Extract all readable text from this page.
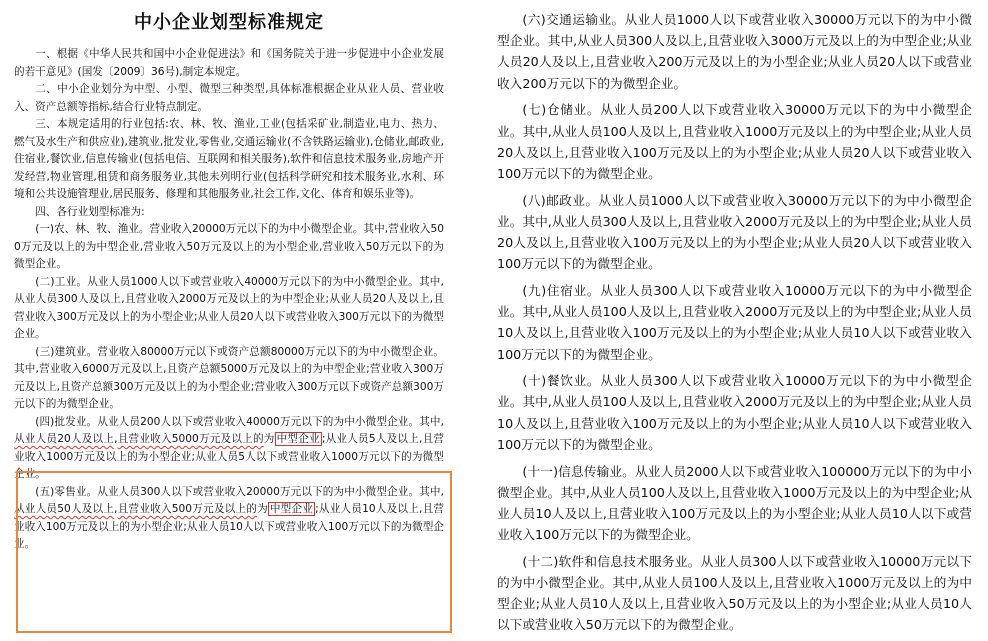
中小企业划型标准规定

一、根据《中华人民共和国中小企业促进法》和《国务院关于进一步促进中小企业发展的若干意见》(国发〔2009〕36号),制定本规定。

二、中小企业划分为中型、小型、微型三种类型,具体标准根据企业从业人员、营业收入、资产总额等指标,结合行业特点制定。

三、本规定适用的行业包括:农、林、牧、渔业,工业(包括采矿业,制造业,电力、热力、燃气及水生产和供应业),建筑业,批发业,零售业,交通运输业(不含铁路运输业),仓储业,邮政业,住宿业,餐饮业,信息传输业(包括电信、互联网和相关服务),软件和信息技术服务业,房地产开发经营,物业管理,租赁和商务服务业,其他未列明行业(包括科学研究和技术服务业,水利、环境和公共设施管理业,居民服务、修理和其他服务业,社会工作,文化、体育和娱乐业等)。

四、各行业划型标准为:

(一)农、林、牧、渔业。营业收入20000万元以下的为中小微型企业。其中,营业收入500万元及以上的为中型企业,营业收入50万元及以上的为小型企业,营业收入50万元以下的为微型企业。

(二)工业。从业人员1000人以下或营业收入40000万元以下的为中小微型企业。其中,从业人员300人及以上,且营业收入2000万元及以上的为中型企业;从业人员20人及以上,且营业收入300万元及以上的为小型企业;从业人员20人以下或营业收入300万元以下的为微型企业。

(三)建筑业。营业收入80000万元以下或资产总额80000万元以下的为中小微型企业。其中,营业收入6000万元及以上,且资产总额5000万元及以上的为中型企业;营业收入300万元及以上,且资产总额300万元及以上的为小型企业;营业收入300万元以下或资产总额300万元以下的为微型企业。

(四)批发业。从业人员200人以下或营业收入40000万元以下的为中小微型企业。其中,从业人员20人及以上,且营业收入5000万元及以上的为 中型企业 ;从业人员5人及以上,且营业收入1000万元及以上的为小型企业;从业人员5人以下或营业收入1000万元以下的为微型企业。

(五)零售业。从业人员300人以下或营业收入20000万元以下的为中小微型企业。其中,从业人员50人及以上,且营业收入500万元及以上的为 中型企业 ;从业人员10人及以上,且营业收入100万元及以上的为小型企业;从业人员10人以下或营业收入100万元以下的为微型企业。

(六)交通运输业。从业人员1000人以下或营业收入30000万元以下的为中小微型企业。其中,从业人员300人及以上,且营业收入3000万元及以上的为中型企业;从业人员20人及以上,且营业收入200万元及以上的为小型企业;从业人员20人以下或营业收入200万元以下的为微型企业。

(七)仓储业。从业人员200人以下或营业收入30000万元以下的为中小微型企业。其中,从业人员100人及以上,且营业收入1000万元及以上的为中型企业;从业人员20人及以上,且营业收入100万元及以上的为小型企业;从业人员20人以下或营业收入100万元以下的为微型企业。

(八)邮政业。从业人员1000人以下或营业收入30000万元以下的为中小微型企业。其中,从业人员300人及以上,且营业收入2000万元及以上的为中型企业;从业人员20人及以上,且营业收入100万元及以上的为小型企业;从业人员20人以下或营业收入100万元以下的为微型企业。

(九)住宿业。从业人员300人以下或营业收入10000万元以下的为中小微型企业。其中,从业人员100人及以上,且营业收入2000万元及以上的为中型企业;从业人员10人及以上,且营业收入100万元及以上的为小型企业;从业人员10人以下或营业收入100万元以下的为微型企业。

(十)餐饮业。从业人员300人以下或营业收入10000万元以下的为中小微型企业。其中,从业人员100人及以上,且营业收入2000万元及以上的为中型企业;从业人员10人及以上,且营业收入100万元及以上的为小型企业;从业人员10人以下或营业收入100万元以下的为微型企业。

(十一)信息传输业。从业人员2000人以下或营业收入100000万元以下的为中小微型企业。其中,从业人员100人及以上,且营业收入1000万元及以上的为中型企业;从业人员10人及以上,且营业收入100万元及以上的为小型企业;从业人员10人以下或营业收入100万元以下的为微型企业。

(十二)软件和信息技术服务业。从业人员300人以下或营业收入10000万元以下的为中小微型企业。其中,从业人员100人及以上,且营业收入1000万元及以上的为中型企业;从业人员10人及以上,且营业收入50万元及以上的为小型企业;从业人员10人以下或营业收入50万元以下的为微型企业。
